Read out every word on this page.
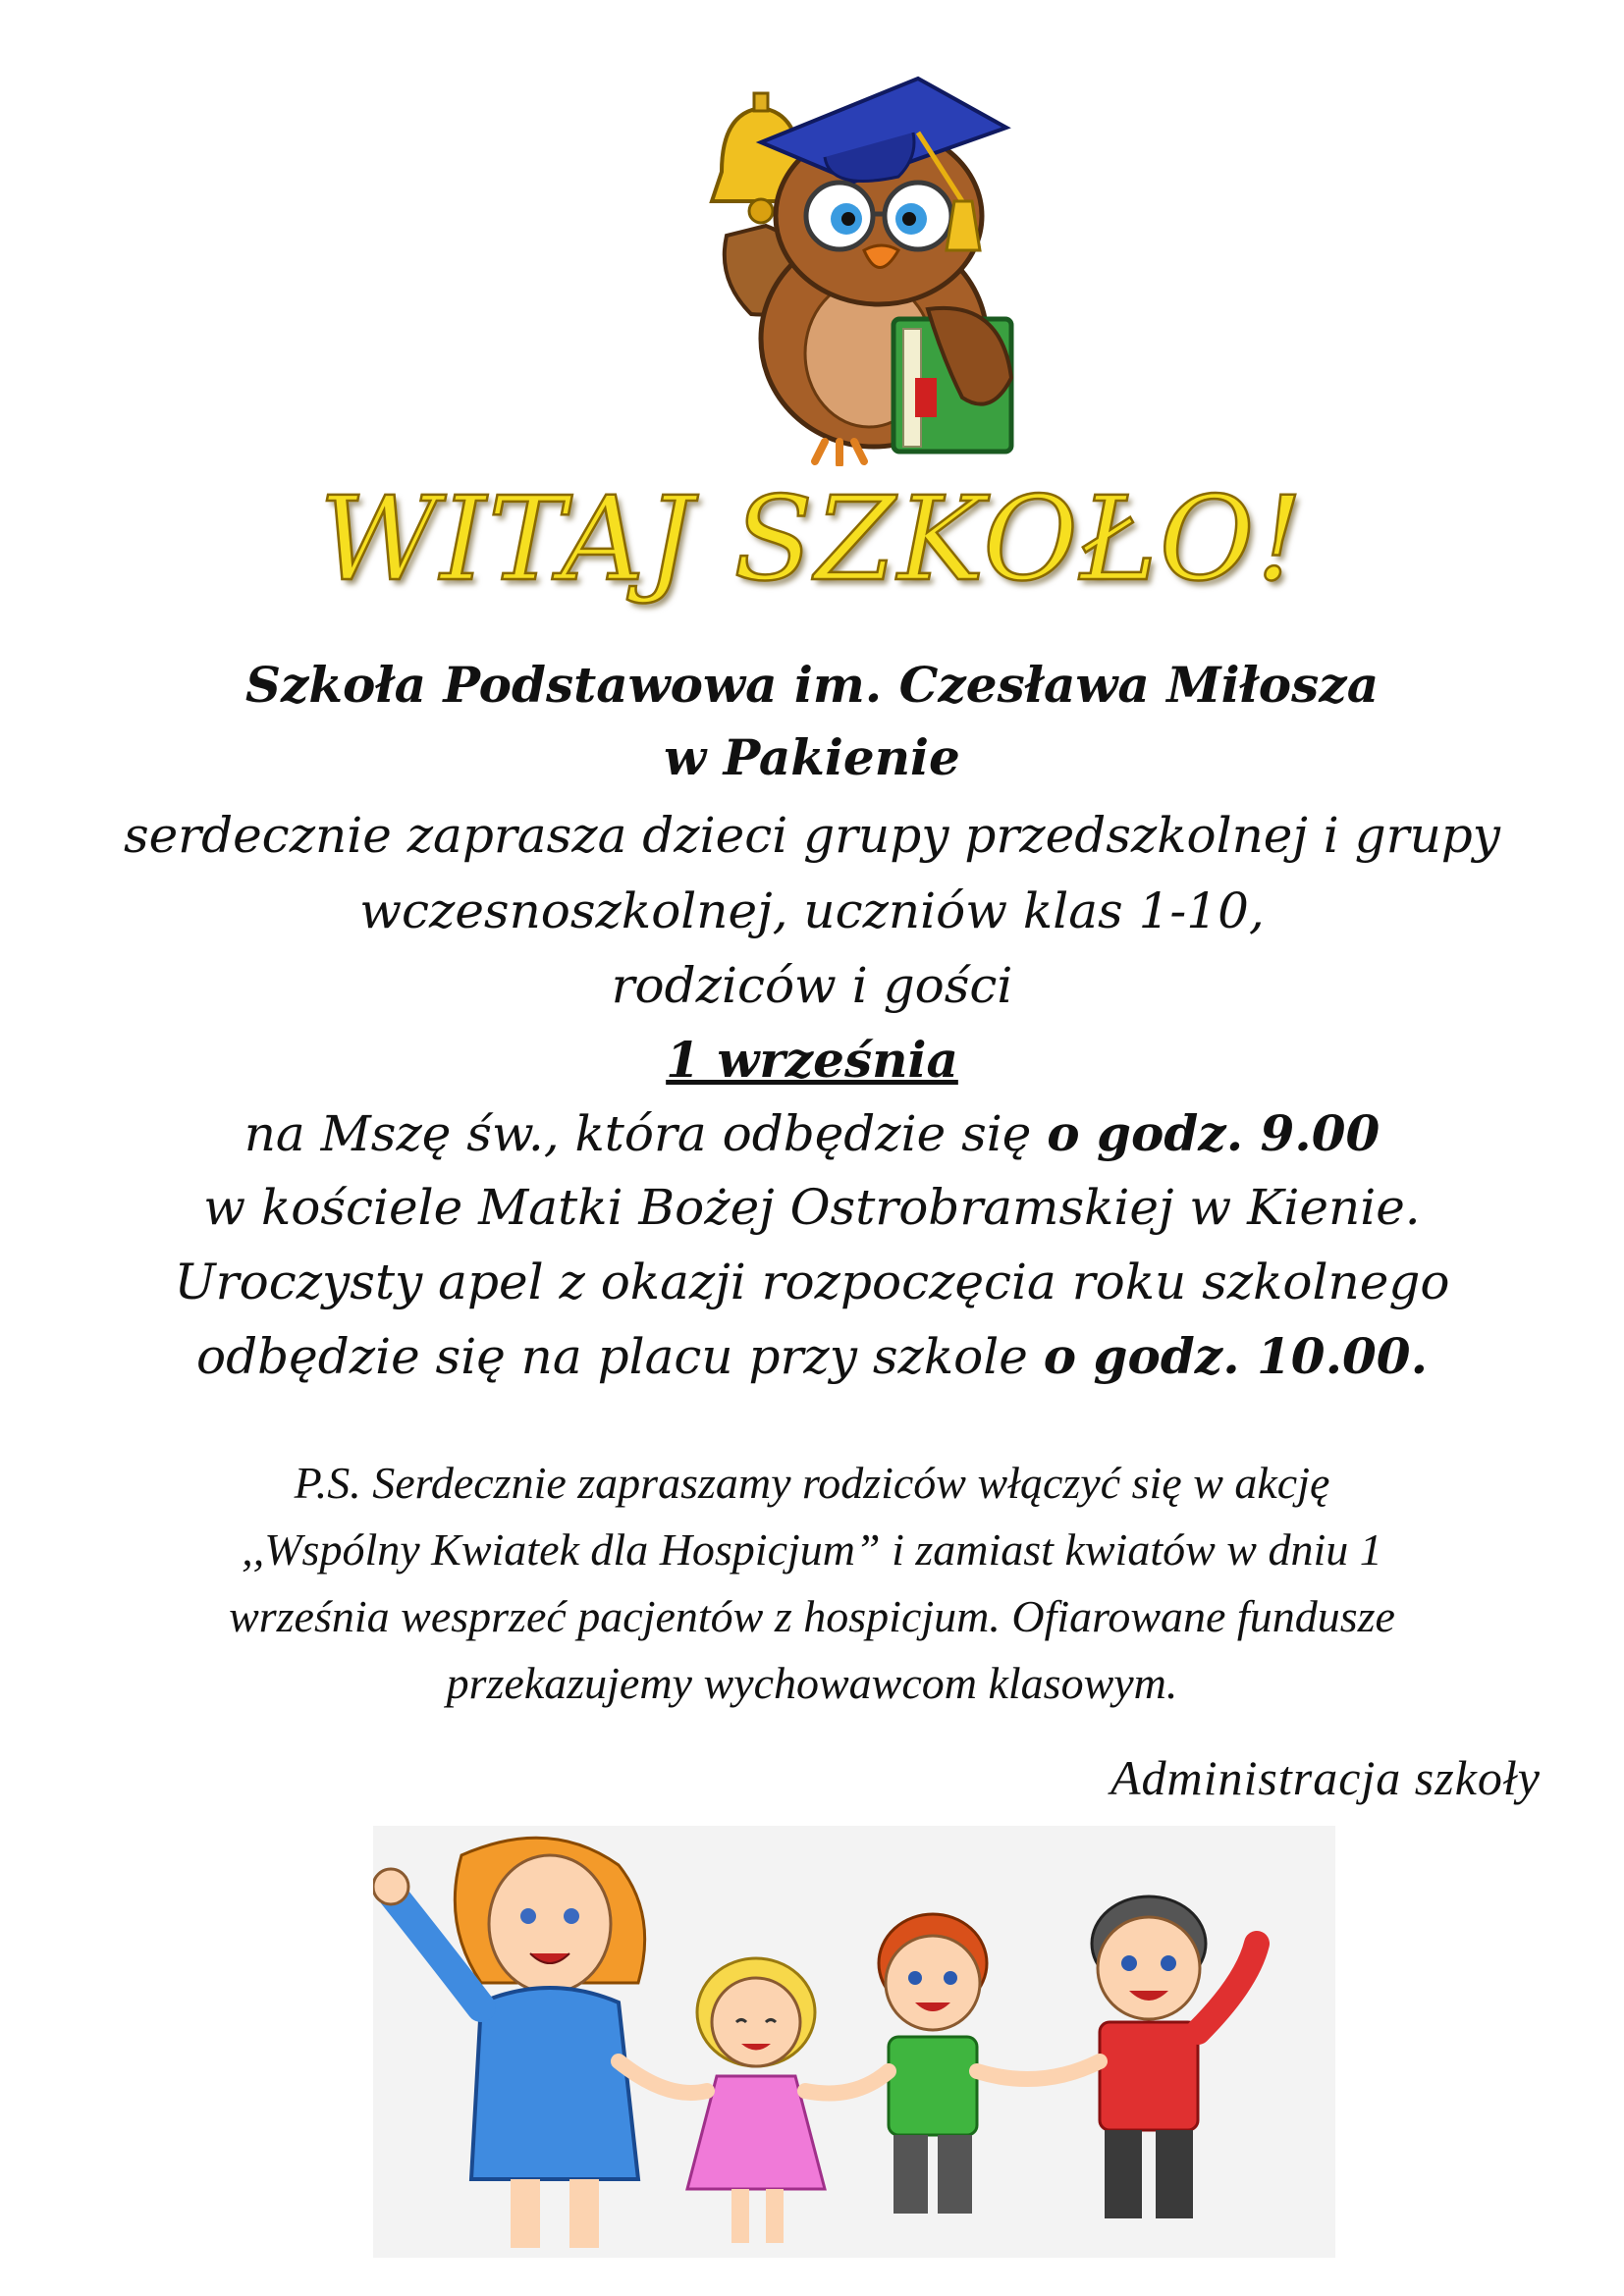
WITAJ SZKOŁO!
Szkoła Podstawowa im. Czesława Miłosza
w Pakienie
serdecznie zaprasza dzieci grupy przedszkolnej i grupy
wczesnoszkolnej, uczniów klas 1-10,
rodziców i gości
1 września
na Mszę św., która odbędzie się o godz. 9.00
w kościele Matki Bożej Ostrobramskiej w Kienie.
Uroczysty apel z okazji rozpoczęcia roku szkolnego
odbędzie się na placu przy szkole o godz. 10.00.
P.S. Serdecznie zapraszamy rodziców włączyć się w akcję
,,Wspólny Kwiatek dla Hospicjum” i zamiast kwiatów w dniu 1
września wesprzeć pacjentów z hospicjum. Ofiarowane fundusze
przekazujemy wychowawcom klasowym.
Administracja szkoły
